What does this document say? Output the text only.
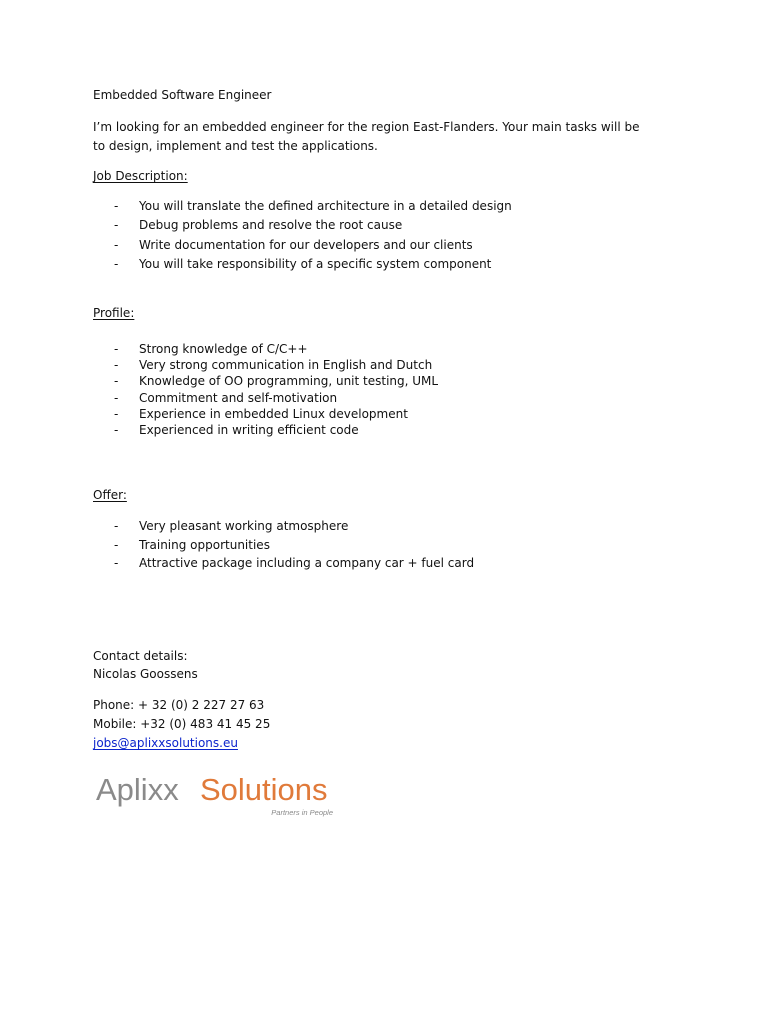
Embedded Software Engineer
I’m looking for an embedded engineer for the region East-Flanders. Your main tasks will be to design, implement and test the applications.
Job Description:
- You will translate the defined architecture in a detailed design
- Debug problems and resolve the root cause
- Write documentation for our developers and our clients
- You will take responsibility of a specific system component
Profile:
- Strong knowledge of C/C++
- Very strong communication in English and Dutch
- Knowledge of OO programming, unit testing, UML
- Commitment and self-motivation
- Experience in embedded Linux development
- Experienced in writing efficient code
Offer:
- Very pleasant working atmosphere
- Training opportunities
- Attractive package including a company car + fuel card
Contact details:
Nicolas Goossens
Phone: + 32 (0) 2 227 27 63
Mobile: +32 (0) 483 41 45 25
jobs@aplixxsolutions.eu
Aplixx Solutions
Partners in People
